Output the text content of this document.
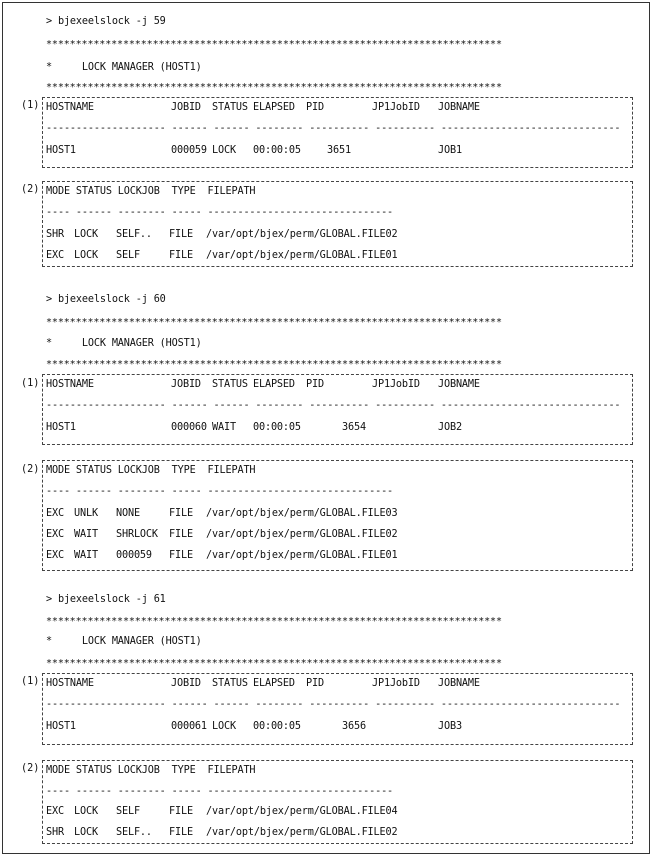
> bjexeelslock -j 59
*****************************************************************************
*     LOCK MANAGER (HOST1)
*****************************************************************************
(1) HOSTNAME	JOBID STATUS ELAPSED PID	JP1JobID JOBNAME
-------------------- ------ ------ -------- ---------- ---------- ------------------------------
HOST1	000059 LOCK 00:00:05	3651	JOB1
(2) MODE STATUS LOCKJOB  TYPE  FILEPATH
---- ------ -------- ----- -------------------------------
SHR LOCK SELF.. FILE /var/opt/bjex/perm/GLOBAL.FILE02
EXC LOCK SELF	FILE /var/opt/bjex/perm/GLOBAL.FILE01
> bjexeelslock -j 60
*****************************************************************************
*     LOCK MANAGER (HOST1)
*****************************************************************************
(1) HOSTNAME	JOBID STATUS ELAPSED PID	JP1JobID JOBNAME
-------------------- ------ ------ -------- ---------- ---------- ------------------------------
HOST1	000060 WAIT 00:00:05	3654	JOB2
(2) MODE STATUS LOCKJOB  TYPE  FILEPATH
---- ------ -------- ----- -------------------------------
EXC UNLK NONE	FILE /var/opt/bjex/perm/GLOBAL.FILE03
EXC WAIT SHRLOCK FILE /var/opt/bjex/perm/GLOBAL.FILE02
EXC WAIT 000059 FILE /var/opt/bjex/perm/GLOBAL.FILE01
> bjexeelslock -j 61
*****************************************************************************
*     LOCK MANAGER (HOST1)
*****************************************************************************
(1) HOSTNAME	JOBID STATUS ELAPSED PID	JP1JobID JOBNAME
-------------------- ------ ------ -------- ---------- ---------- ------------------------------
HOST1	000061 LOCK 00:00:05	3656	JOB3
(2) MODE STATUS LOCKJOB  TYPE  FILEPATH
---- ------ -------- ----- -------------------------------
EXC LOCK SELF	FILE /var/opt/bjex/perm/GLOBAL.FILE04
SHR LOCK SELF.. FILE /var/opt/bjex/perm/GLOBAL.FILE02
